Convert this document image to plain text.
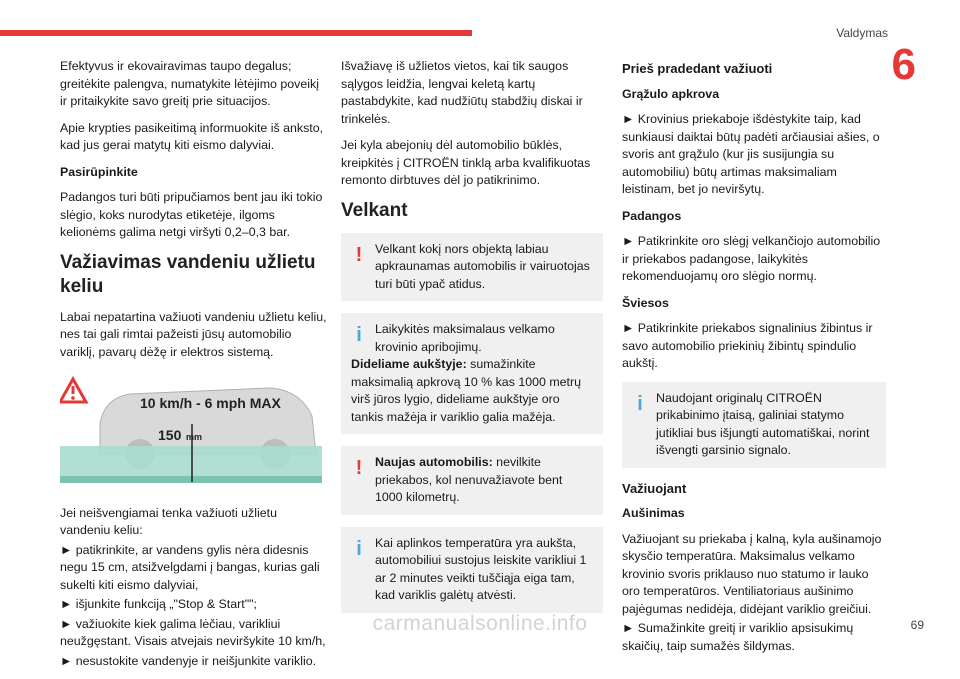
Valdymas
6

Efektyvus ir ekovairavimas taupo degalus; greitėkite palengva, numatykite lėtėjimo poveikį ir pritaikykite savo greitį prie situacijos.

Apie krypties pasikeitimą informuokite iš anksto, kad jus gerai matytų kiti eismo dalyviai.

Pasirūpinkite

Padangos turi būti pripučiamos bent jau iki tokio slėgio, koks nurodytas etiketėje, ilgoms kelionėms galima netgi viršyti 0,2–0,3 bar.

Važiavimas vandeniu užlietu keliu

Labai nepatartina važiuoti vandeniu užlietu keliu, nes tai gali rimtai pažeisti jūsų automobilio variklį, pavarų dėžę ir elektros sistemą.

10 km/h - 6 mph MAX
150 mm

Jei neišvengiamai tenka važiuoti užlietu vandeniu keliu:

► patikrinkite, ar vandens gylis nėra didesnis negu 15 cm, atsižvelgdami į bangas, kurias gali sukelti kiti eismo dalyviai,

► išjunkite funkciją „"Stop & Start"";

► važiuokite kiek galima lėčiau, varikliui neužgęstant. Visais atvejais neviršykite 10 km/h,

► nesustokite vandenyje ir neišjunkite variklio.

Išvažiavę iš užlietos vietos, kai tik saugos sąlygos leidžia, lengvai keletą kartų pastabdykite, kad nudžiūtų stabdžių diskai ir trinkelės.

Jei kyla abejonių dėl automobilio būklės, kreipkitės į CITROËN tinklą arba kvalifikuotas remonto dirbtuves dėl jo patikrinimo.

Velkant
!	Velkant kokį nors objektą labiau apkraunamas automobilis ir vairuotojas turi būti ypač atidus.
i	Laikykitės maksimalaus velkamo krovinio apribojimų.
Dideliame aukštyje: sumažinkite maksimalią apkrovą 10 % kas 1000 metrų virš jūros lygio, dideliame aukštyje oro tankis mažėja ir variklio galia mažėja.
!	Naujas automobilis: nevilkite priekabos, kol nenuvažiavote bent 1000 kilometrų.
i	Kai aplinkos temperatūra yra aukšta, automobiliui sustojus leiskite varikliui 1 ar 2 minutes veikti tuščiąja eiga tam, kad variklis galėtų atvėsti.
Prieš pradedant važiuoti
Grąžulo apkrova

► Krovinius priekaboje išdėstykite taip, kad sunkiausi daiktai būtų padėti arčiausiai ašies, o svoris ant grąžulo (kur jis susijungia su automobiliu) būtų artimas maksimaliam leistinam, bet jo neviršytų.

Padangos

► Patikrinkite oro slėgį velkančiojo automobilio ir priekabos padangose, laikykitės rekomenduojamų oro slėgio normų.

Šviesos

► Patikrinkite priekabos signalinius žibintus ir savo automobilio priekinių žibintų spindulio aukštį.

i	Naudojant originalų CITROËN prikabinimo įtaisą, galiniai statymo jutikliai bus išjungti automatiškai, norint išvengti garsinio signalo.
Važiuojant
Aušinimas

Važiuojant su priekaba į kalną, kyla aušinamojo skysčio temperatūra. Maksimalus velkamo krovinio svoris priklauso nuo statumo ir lauko oro temperatūros. Ventiliatoriaus aušinimo pajėgumas nedidėja, didėjant variklio greičiui.

► Sumažinkite greitį ir variklio apsisukimų skaičių, taip sumažės šildymas.

69
carmanualsonline.info
